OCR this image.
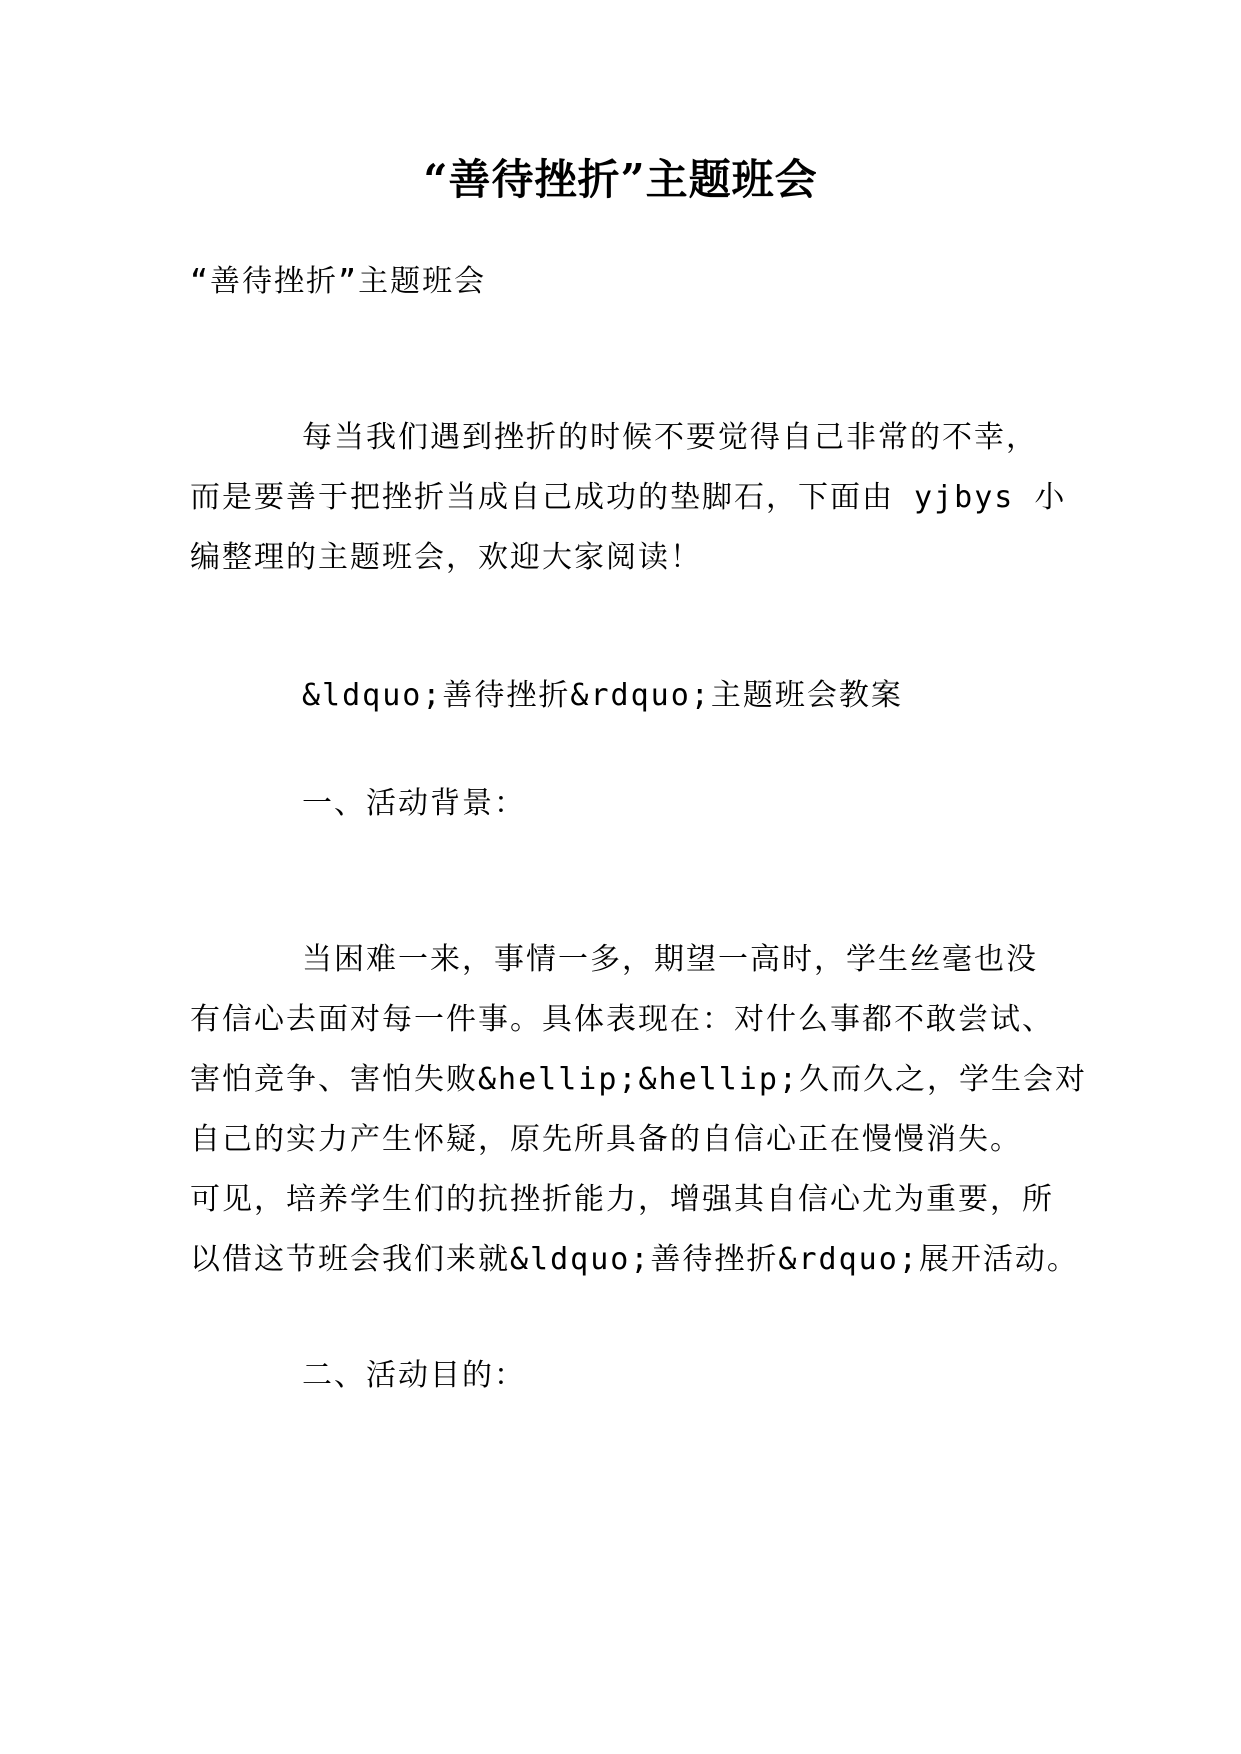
“善待挫折”主题班会
“善待挫折”主题班会
每当我们遇到挫折的时候不要觉得自己非常的不幸，
而是要善于把挫折当成自己成功的垫脚石，下面由 yjbys 小
编整理的主题班会，欢迎大家阅读！
&ldquo;善待挫折&rdquo;主题班会教案
一、活动背景：
当困难一来，事情一多，期望一高时，学生丝毫也没
有信心去面对每一件事。具体表现在：对什么事都不敢尝试、
害怕竞争、害怕失败&hellip;&hellip;久而久之，学生会对
自己的实力产生怀疑，原先所具备的自信心正在慢慢消失。
可见，培养学生们的抗挫折能力，增强其自信心尤为重要，所
以借这节班会我们来就&ldquo;善待挫折&rdquo;展开活动。
二、活动目的：
